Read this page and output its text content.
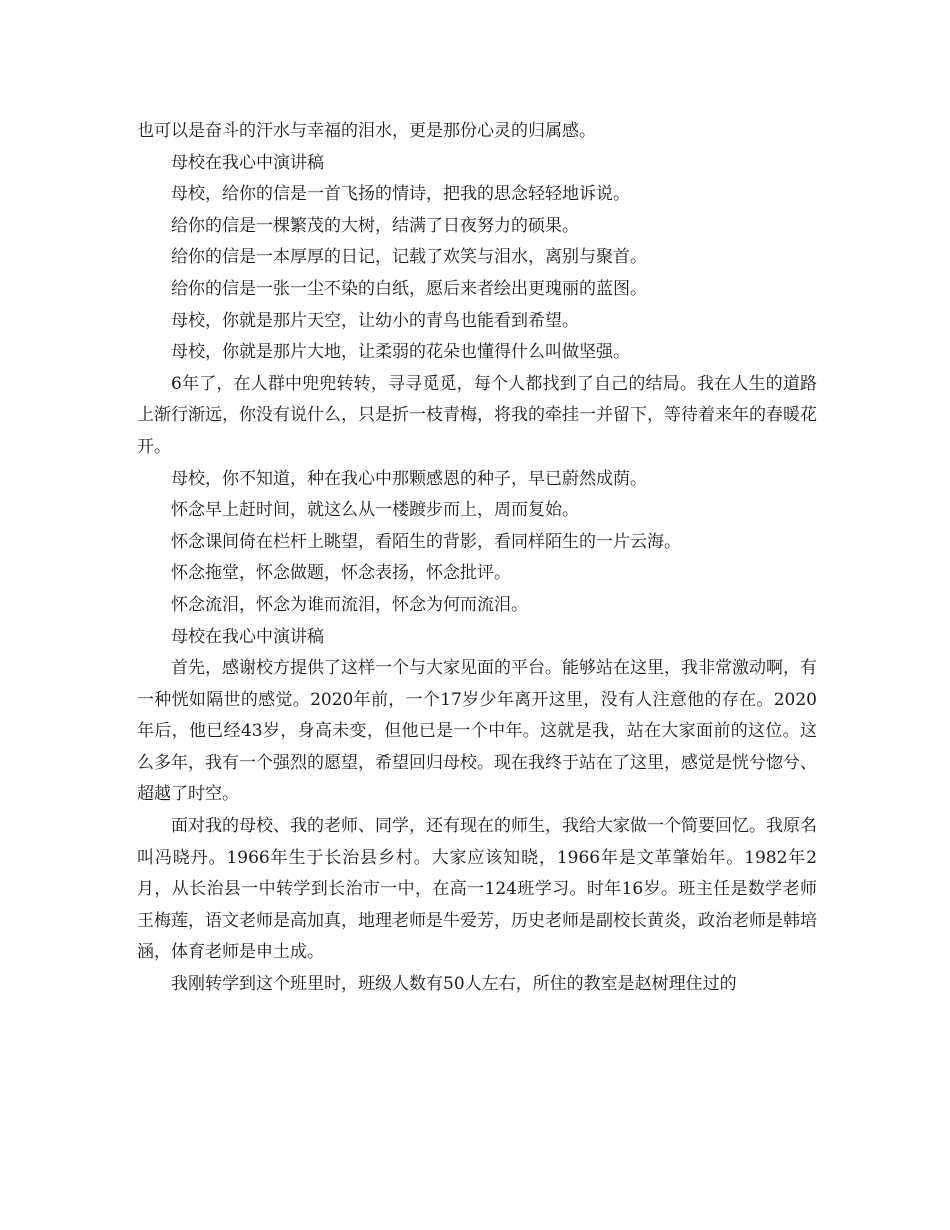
也可以是奋斗的汗水与幸福的泪水，更是那份心灵的归属感。

母校在我心中演讲稿

母校，给你的信是一首飞扬的情诗，把我的思念轻轻地诉说。

给你的信是一棵繁茂的大树，结满了日夜努力的硕果。

给你的信是一本厚厚的日记，记载了欢笑与泪水，离别与聚首。

给你的信是一张一尘不染的白纸，愿后来者绘出更瑰丽的蓝图。

母校，你就是那片天空，让幼小的青鸟也能看到希望。

母校，你就是那片大地，让柔弱的花朵也懂得什么叫做坚强。

6年了，在人群中兜兜转转，寻寻觅觅，每个人都找到了自己的结局。我在人生的道路上渐行渐远，你没有说什么，只是折一枝青梅，将我的牵挂一并留下，等待着来年的春暖花开。

母校，你不知道，种在我心中那颗感恩的种子，早已蔚然成荫。

怀念早上赶时间，就这么从一楼踱步而上，周而复始。

怀念课间倚在栏杆上眺望，看陌生的背影，看同样陌生的一片云海。

怀念拖堂，怀念做题，怀念表扬，怀念批评。

怀念流泪，怀念为谁而流泪，怀念为何而流泪。

母校在我心中演讲稿

首先，感谢校方提供了这样一个与大家见面的平台。能够站在这里，我非常激动啊，有一种恍如隔世的感觉。2020年前，一个17岁少年离开这里，没有人注意他的存在。2020年后，他已经43岁，身高未变，但他已是一个中年。这就是我，站在大家面前的这位。这么多年，我有一个强烈的愿望，希望回归母校。现在我终于站在了这里，感觉是恍兮惚兮、超越了时空。

面对我的母校、我的老师、同学，还有现在的师生，我给大家做一个简要回忆。我原名叫冯晓丹。1966年生于长治县乡村。大家应该知晓，1966年是文革肇始年。1982年2月，从长治县一中转学到长治市一中，在高一124班学习。时年16岁。班主任是数学老师王梅莲，语文老师是高加真，地理老师是牛爱芳，历史老师是副校长黄炎，政治老师是韩培涵，体育老师是申土成。

我刚转学到这个班里时，班级人数有50人左右，所住的教室是赵树理住过的
